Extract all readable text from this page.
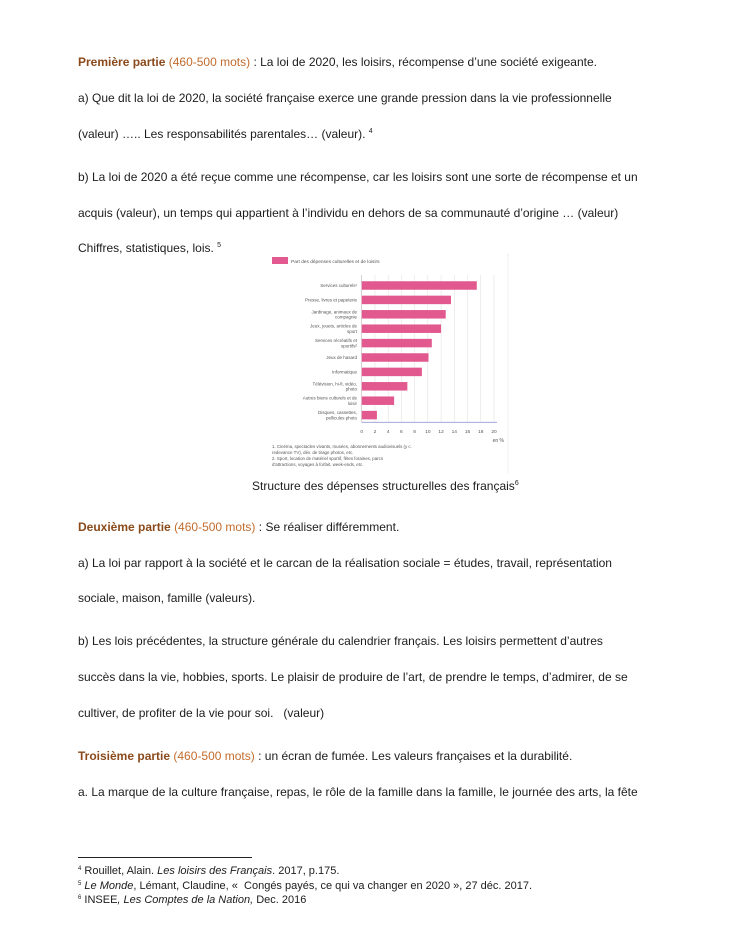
Première partie (460-500 mots) : La loi de 2020, les loisirs, récompense d’une société exigeante.
a) Que dit la loi de 2020, la société française exerce une grande pression dans la vie professionnelle
(valeur) ….. Les responsabilités parentales… (valeur). $^4$
b) La loi de 2020 a été reçue comme une récompense, car les loisirs sont une sorte de récompense et un
acquis (valeur), un temps qui appartient à l’individu en dehors de sa communauté d’origine … (valeur)
Chiffres, statistiques, lois. $^5$
Part des dépenses culturelles et de loisirs
Services culturels¹
Presse, livres et papeterie
Jardinage, animaux de compagnie
Jeux, jouets, articles de sport
Services récréatifs et sportifs²
Jeux de hasard
Informatique
Télévision, hi-fi, vidéo, photo
Autres biens culturels et de loisir
Disques, cassettes, pellicules photo
0 2 4 6 8 10 12 14 16 18 20
en %
1. Cinéma, spectacles vivants, musées, abonnements audiovisuels (y c.
redevance TV), dév. de tirage photos, etc.
2. Sport, location de matériel sportif, fêtes foraines, parcs
d'attractions, voyages à forfait, week-ends, etc.
Structure des dépenses structurelles des français$^6$
Deuxième partie (460-500 mots) : Se réaliser différemment.
a) La loi par rapport à la société et le carcan de la réalisation sociale = études, travail, représentation
sociale, maison, famille (valeurs).
b) Les lois précédentes, la structure générale du calendrier français. Les loisirs permettent d’autres
succès dans la vie, hobbies, sports. Le plaisir de produire de l’art, de prendre le temps, d’admirer, de se
cultiver, de profiter de la vie pour soi.   (valeur)
Troisième partie (460-500 mots) : un écran de fumée. Les valeurs françaises et la durabilité.
a. La marque de la culture française, repas, le rôle de la famille dans la famille, le journée des arts, la fête
$^4$ Rouillet, Alain. Les loisirs des Français. 2017, p.175.
$^5$ Le Monde, Lémant, Claudine, «  Congés payés, ce qui va changer en 2020 », 27 déc. 2017.
$^6$ INSEE, Les Comptes de la Nation, Dec. 2016
